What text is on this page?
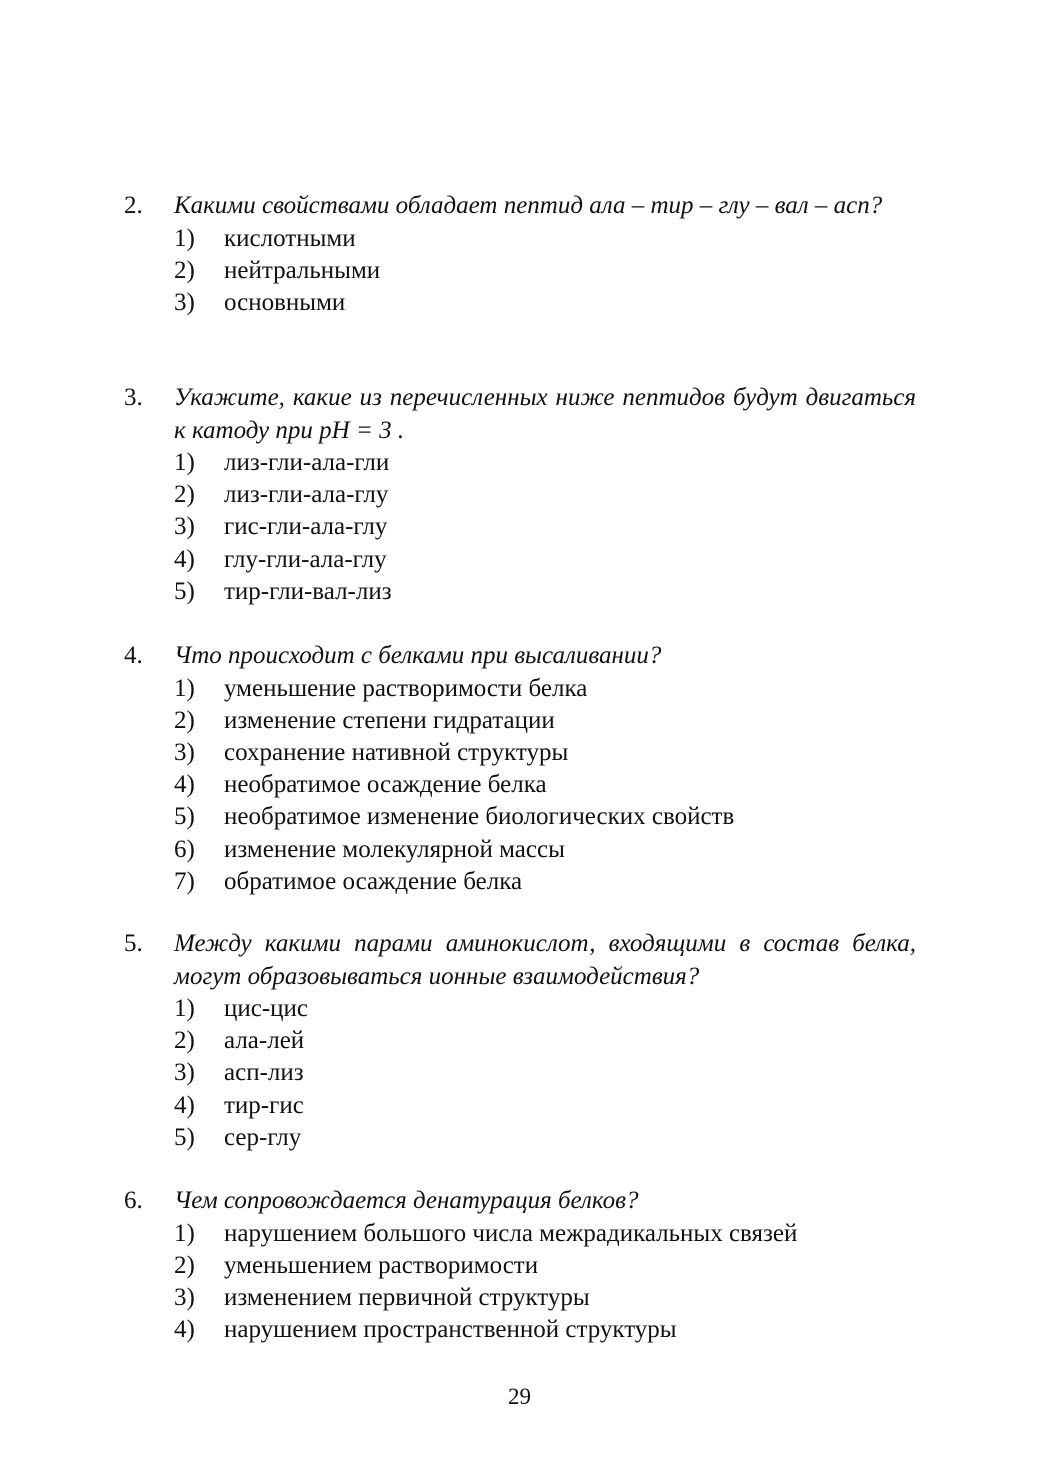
2.	Какими свойствами обладает пептид ала – тир – глу – вал – асп?
1)	кислотными
2)	нейтральными
3)	основными
3.	Укажите, какие из перечисленных ниже пептидов будут двигаться к катоду при pH = 3 .
1)	лиз-гли-ала-гли
2)	лиз-гли-ала-глу
3)	гис-гли-ала-глу
4)	глу-гли-ала-глу
5)	тир-гли-вал-лиз
4.	Что происходит с белками при высаливании?
1)	уменьшение растворимости белка
2)	изменение степени гидратации
3)	сохранение нативной структуры
4)	необратимое осаждение белка
5)	необратимое изменение биологических свойств
6)	изменение молекулярной массы
7)	обратимое осаждение белка
5.	Между какими парами аминокислот, входящими в состав белка, могут образовываться ионные взаимодействия?
1)	цис-цис
2)	ала-лей
3)	асп-лиз
4)	тир-гис
5)	сер-глу
6.	Чем сопровождается денатурация белков?
1)	нарушением большого числа межрадикальных связей
2)	уменьшением растворимости
3)	изменением первичной структуры
4)	нарушением пространственной структуры
29
